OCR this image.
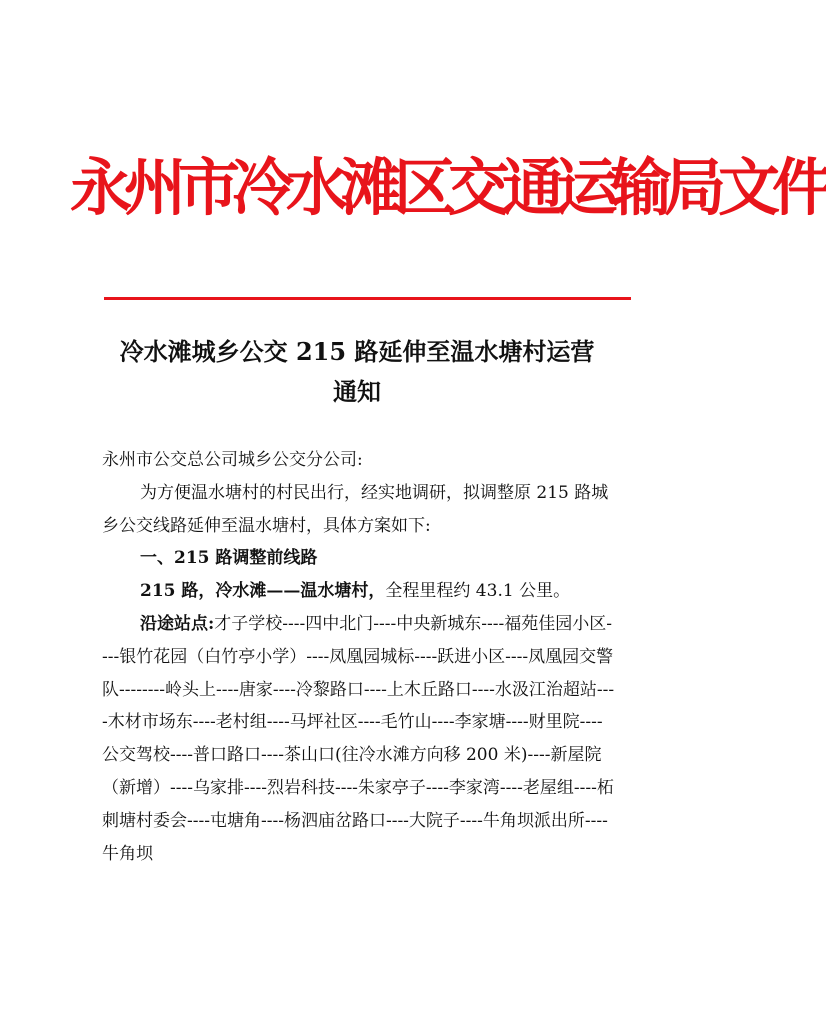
永州市冷水滩区交通运输局文件
冷水滩城乡公交 215 路延伸至温水塘村运营
通知

永州市公交总公司城乡公交分公司:

为方便温水塘村的村民出行，经实地调研，拟调整原 215 路城乡公交线路延伸至温水塘村，具体方案如下:

一、215 路调整前线路

215 路，冷水滩——温水塘村，全程里程约 43.1 公里。

沿途站点:才子学校----四中北门----中央新城东----福苑佳园小区----银竹花园（白竹亭小学）----凤凰园城标----跃进小区----凤凰园交警队--------岭头上----唐家----冷黎路口----上木丘路口----水汲江治超站----木材市场东----老村组----马坪社区----毛竹山----李家塘----财里院----公交驾校----普口路口----茶山口(往冷水滩方向移 200 米)----新屋院（新增）----乌家排----烈岩科技----朱家亭子----李家湾----老屋组----柘刺塘村委会----屯塘角----杨泗庙岔路口----大院子----牛角坝派出所----牛角坝
